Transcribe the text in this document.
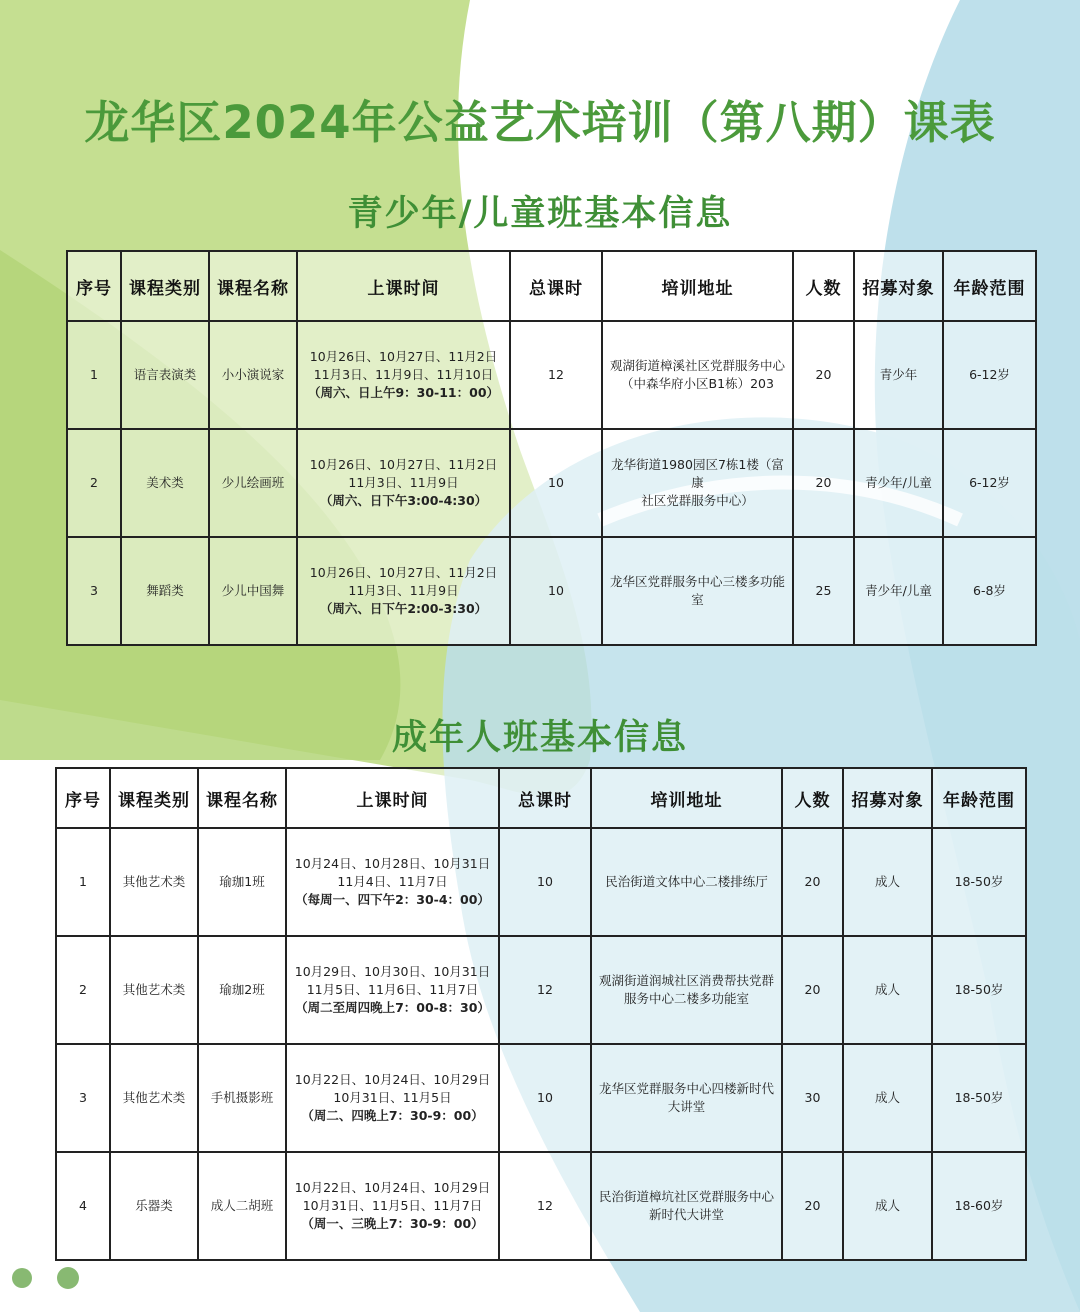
龙华区2024年公益艺术培训（第八期）课表
青少年/儿童班基本信息
序号	课程类别	课程名称	上课时间	总课时	培训地址	人数	招募对象	年龄范围
1	语言表演类	小小演说家	10月26日、10月27日、11月2日
11月3日、11月9日、11月10日
（周六、日上午9：30-11：00）	12	观湖街道樟溪社区党群服务中心
（中森华府小区B1栋）203	20	青少年	6-12岁
2	美术类	少儿绘画班	10月26日、10月27日、11月2日
11月3日、11月9日
（周六、日下午3:00-4:30）	10	龙华街道1980园区7栋1楼（富康
社区党群服务中心）	20	青少年/儿童	6-12岁
3	舞蹈类	少儿中国舞	10月26日、10月27日、11月2日
11月3日、11月9日
（周六、日下午2:00-3:30）	10	龙华区党群服务中心三楼多功能室	25	青少年/儿童	6-8岁
成年人班基本信息
序号	课程类别	课程名称	上课时间	总课时	培训地址	人数	招募对象	年龄范围
1	其他艺术类	瑜珈1班	10月24日、10月28日、10月31日
11月4日、11月7日
（每周一、四下午2：30-4：00）	10	民治街道文体中心二楼排练厅	20	成人	18-50岁
2	其他艺术类	瑜珈2班	10月29日、10月30日、10月31日
11月5日、11月6日、11月7日
（周二至周四晚上7：00-8：30）	12	观湖街道润城社区消费帮扶党群
服务中心二楼多功能室	20	成人	18-50岁
3	其他艺术类	手机摄影班	10月22日、10月24日、10月29日
10月31日、11月5日
（周二、四晚上7：30-9：00）	10	龙华区党群服务中心四楼新时代
大讲堂	30	成人	18-50岁
4	乐器类	成人二胡班	10月22日、10月24日、10月29日
10月31日、11月5日、11月7日
（周一、三晚上7：30-9：00）	12	民治街道樟坑社区党群服务中心
新时代大讲堂	20	成人	18-60岁
